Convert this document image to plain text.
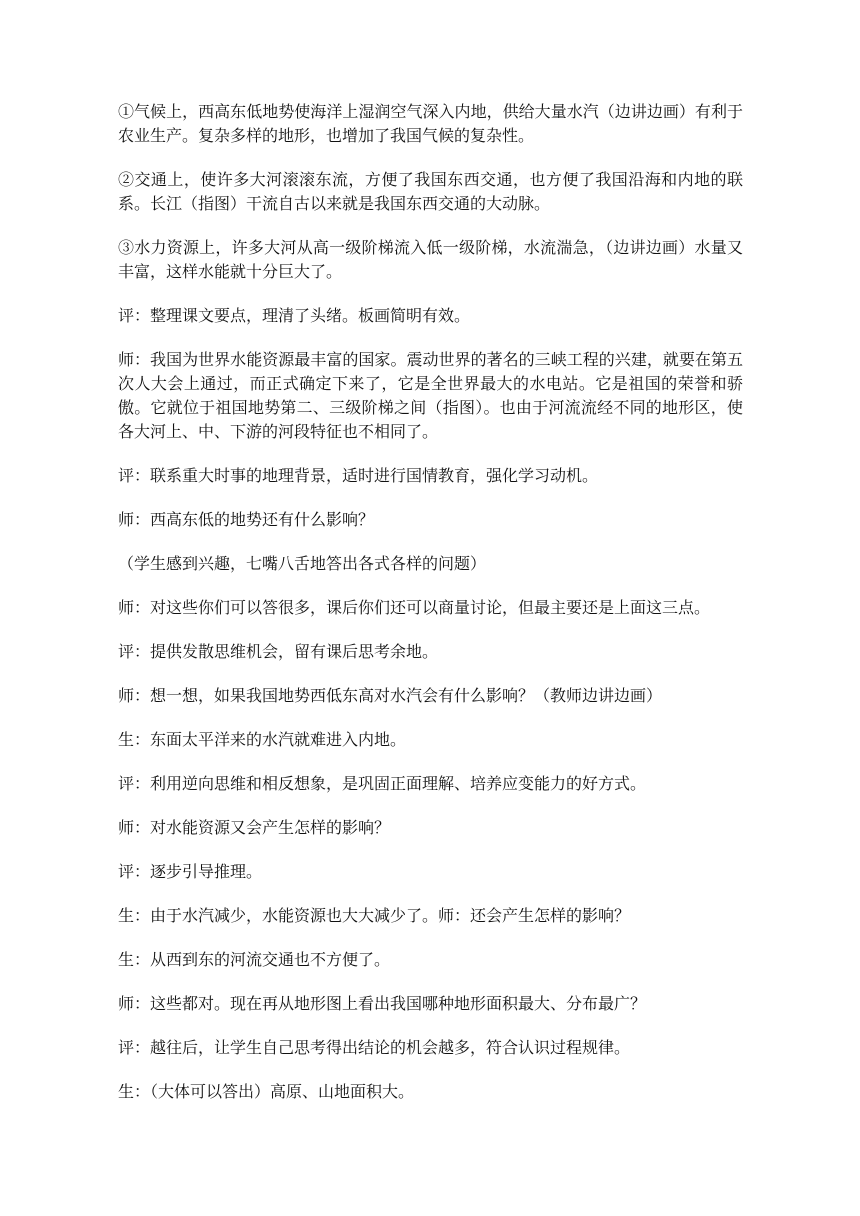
①气候上，西高东低地势使海洋上湿润空气深入内地，供给大量水汽（边讲边画）有利于农业生产。复杂多样的地形，也增加了我国气候的复杂性。

②交通上，使许多大河滚滚东流，方便了我国东西交通，也方便了我国沿海和内地的联系。长江（指图）干流自古以来就是我国东西交通的大动脉。

③水力资源上，许多大河从高一级阶梯流入低一级阶梯，水流湍急，（边讲边画）水量又丰富，这样水能就十分巨大了。

评：整理课文要点，理清了头绪。板画简明有效。

师：我国为世界水能资源最丰富的国家。震动世界的著名的三峡工程的兴建，就要在第五次人大会上通过，而正式确定下来了，它是全世界最大的水电站。它是祖国的荣誉和骄傲。它就位于祖国地势第二、三级阶梯之间（指图）。也由于河流流经不同的地形区，使各大河上、中、下游的河段特征也不相同了。

评：联系重大时事的地理背景，适时进行国情教育，强化学习动机。

师：西高东低的地势还有什么影响？

（学生感到兴趣，七嘴八舌地答出各式各样的问题）

师：对这些你们可以答很多，课后你们还可以商量讨论，但最主要还是上面这三点。

评：提供发散思维机会，留有课后思考余地。

师：想一想，如果我国地势西低东高对水汽会有什么影响？（教师边讲边画）

生：东面太平洋来的水汽就难进入内地。

评：利用逆向思维和相反想象，是巩固正面理解、培养应变能力的好方式。

师：对水能资源又会产生怎样的影响？

评：逐步引导推理。

生：由于水汽减少，水能资源也大大减少了。师：还会产生怎样的影响？

生：从西到东的河流交通也不方便了。

师：这些都对。现在再从地形图上看出我国哪种地形面积最大、分布最广？

评：越往后，让学生自己思考得出结论的机会越多，符合认识过程规律。

生：（大体可以答出）高原、山地面积大。
